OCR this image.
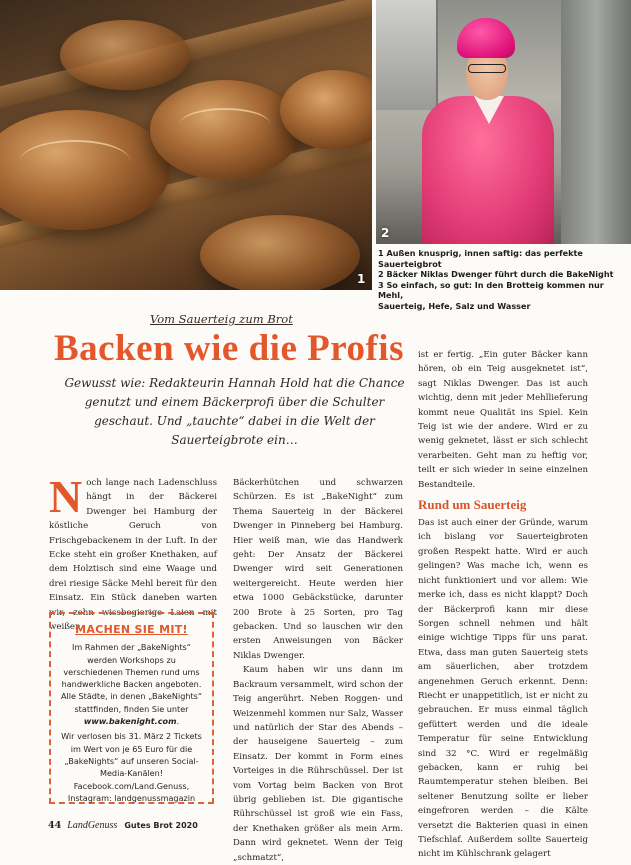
1
2
1 Außen knusprig, innen saftig: das perfekte Sauerteigbrot
2 Bäcker Niklas Dwenger führt durch die BakeNight
3 So einfach, so gut: In den Brotteig kommen nur Mehl,
Sauerteig, Hefe, Salz und Wasser
Vom Sauerteig zum Brot
Backen wie die Profis
Gewusst wie: Redakteurin Hannah Hold hat die Chance genutzt und einem Bäckerprofi über die Schulter geschaut. Und „tauchte“ dabei in die Welt der Sauerteigbrote ein…
N och lange nach Ladenschluss hängt in der Bäckerei Dwenger bei Hamburg der köstliche Geruch von Frischgebackenem in der Luft. In der Ecke steht ein großer Knethaken, auf dem Holztisch sind eine Waage und drei riesige Säcke Mehl bereit für den Einsatz. Ein Stück daneben warten wir, zehn wissbegierige Laien mit weißen

MACHEN SIE MIT!

Im Rahmen der „BakeNights“ werden Workshops zu verschiedenen Themen rund ums handwerkliche Backen angeboten. Alle Städte, in denen „BakeNights“ stattfinden, finden Sie unter www.bakenight.com.

Wir verlosen bis 31. März 2 Tickets im Wert von je 65 Euro für die „BakeNights“ auf unseren Social-Media-Kanälen! Facebook.com/Land.Genuss, Instagram: landgenussmagazin

Bäckerhütchen und schwarzen Schürzen. Es ist „BakeNight“ zum Thema Sauerteig in der Bäckerei Dwenger in Pinneberg bei Hamburg. Hier weiß man, wie das Handwerk geht: Der Ansatz der Bäckerei Dwenger wird seit Generationen weitergereicht. Heute werden hier etwa 1000 Gebäckstücke, darunter 200 Brote à 25 Sorten, pro Tag gebacken. Und so lauschen wir den ersten Anweisungen von Bäcker Niklas Dwenger.

Kaum haben wir uns dann im Backraum versammelt, wird schon der Teig angerührt. Neben Roggen- und Weizenmehl kommen nur Salz, Wasser und natürlich der Star des Abends – der hauseigene Sauerteig – zum Einsatz. Der kommt in Form eines Vorteiges in die Rührschüssel. Der ist vom Vortag beim Backen von Brot übrig geblieben ist. Die gigantische Rührschüssel ist groß wie ein Fass, der Knethaken größer als mein Arm. Dann wird geknetet. Wenn der Teig „schmatzt“,

ist er fertig. „Ein guter Bäcker kann hören, ob ein Teig ausgeknetet ist“, sagt Niklas Dwenger. Das ist auch wichtig, denn mit jeder Mehllieferung kommt neue Qualität ins Spiel. Kein Teig ist wie der andere. Wird er zu wenig geknetet, lässt er sich schlecht verarbeiten. Geht man zu heftig vor, teilt er sich wieder in seine einzelnen Bestandteile.

Rund um Sauerteig

Das ist auch einer der Gründe, warum ich bislang vor Sauerteigbroten großen Respekt hatte. Wird er auch gelingen? Was mache ich, wenn es nicht funktioniert und vor allem: Wie merke ich, dass es nicht klappt? Doch der Bäckerprofi kann mir diese Sorgen schnell nehmen und hält einige wichtige Tipps für uns parat. Etwa, dass man guten Sauerteig stets am säuerlichen, aber trotzdem angenehmen Geruch erkennt. Denn: Riecht er unappetitlich, ist er nicht zu gebrauchen. Er muss einmal täglich gefüttert werden und die ideale Temperatur für seine Entwicklung sind 32 °C. Wird er regelmäßig gebacken, kann er ruhig bei Raumtemperatur stehen bleiben. Bei seltener Benutzung sollte er lieber eingefroren werden – die Kälte versetzt die Bakterien quasi in einen Tiefschlaf. Außerdem sollte Sauerteig nicht im Kühlschrank gelagert

44 LandGenuss Gutes Brot 2020
